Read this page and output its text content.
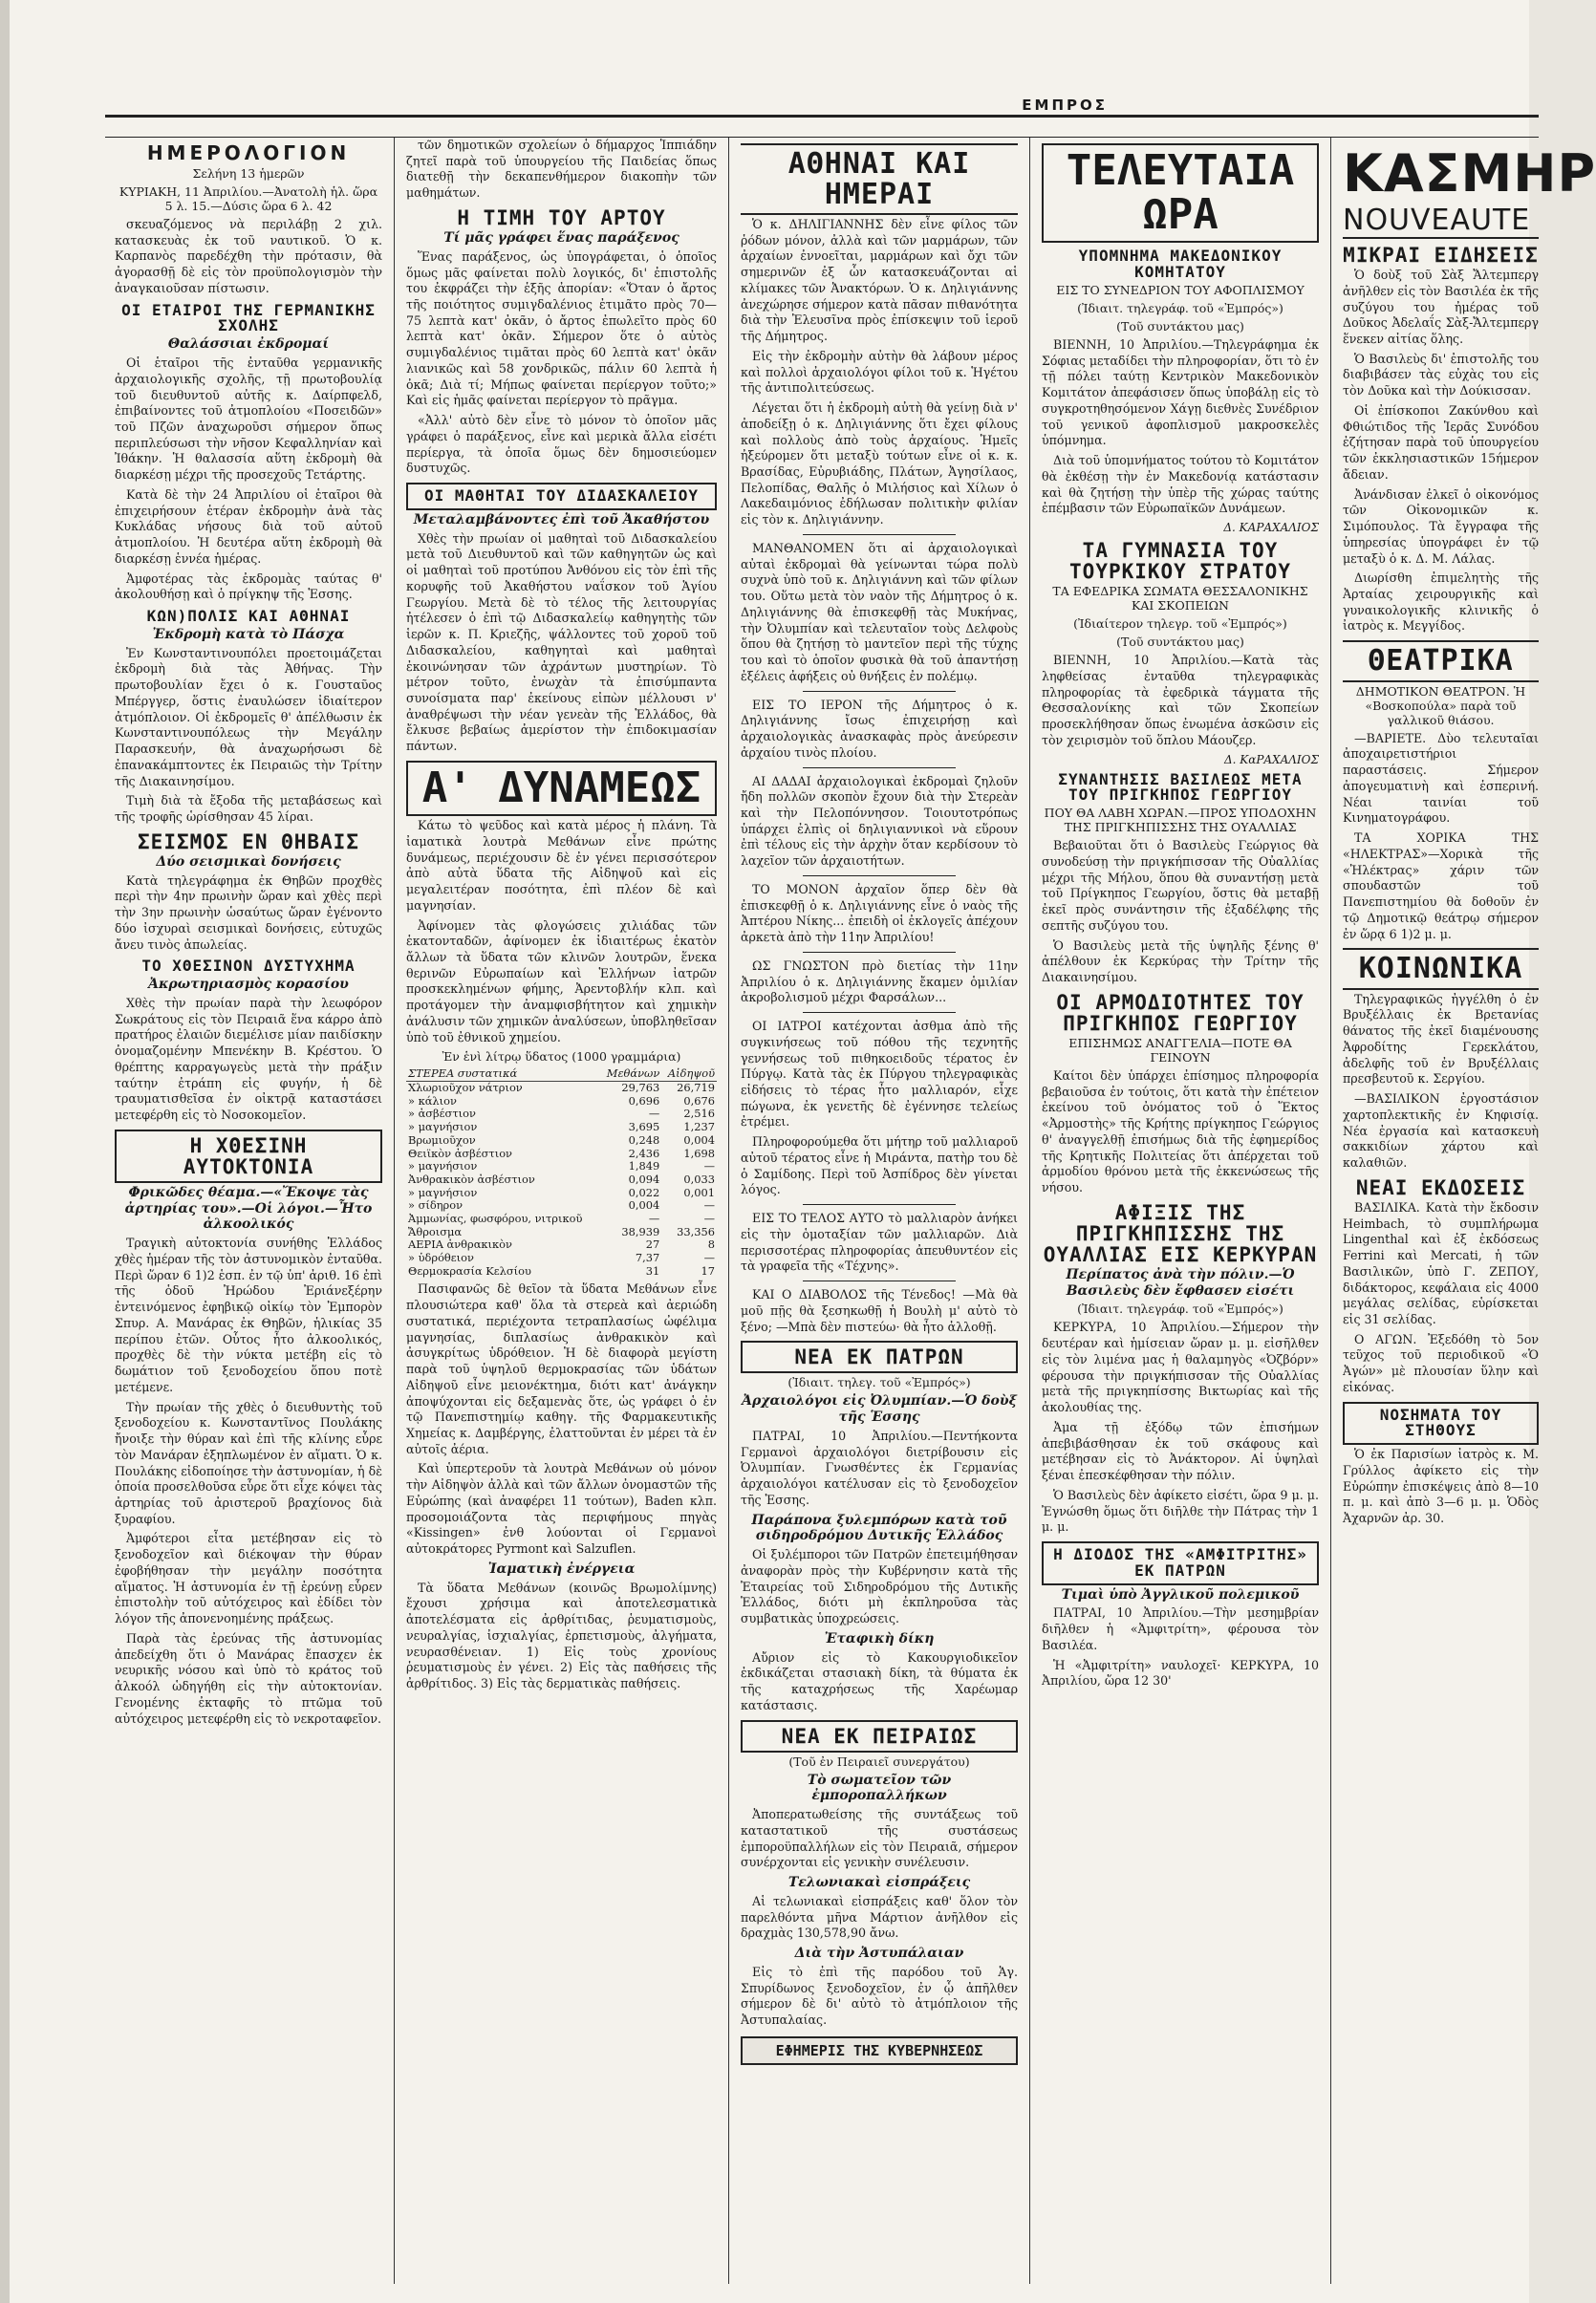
ΕΜΠΡΟΣ
ΗΜΕΡΟΛΟΓΙΟΝ
Σελήνη 13 ἡμερῶν
ΚΥΡΙΑΚΗ, 11 Ἀπριλίου.—Ἀνατολὴ ἡλ. ὥρα 5 λ. 15.—Δύσις ὥρα 6 λ. 42

σκευαζόμενος νὰ περιλάβῃ 2 χιλ. κατασκευὰς ἐκ τοῦ ναυτικοῦ. Ὁ κ. Καρπανὸς παρεδέχθη τὴν πρότασιν, θὰ ἀγορασθῇ δὲ εἰς τὸν προϋπολογισμὸν τὴν ἀναγκαιοῦσαν πίστωσιν.

ΟΙ ΕΤΑΙΡΟΙ ΤΗΣ ΓΕΡΜΑΝΙΚΗΣ ΣΧΟΛΗΣ
Θαλάσσιαι ἐκδρομαί

Οἱ ἑταῖροι τῆς ἐνταῦθα γερμανικῆς ἀρχαιολογικῆς σχολῆς, τῇ πρωτοβουλίᾳ τοῦ διευθυντοῦ αὐτῆς κ. Δαίρπφελδ, ἐπιβαίνοντες τοῦ ἀτμοπλοίου «Ποσειδῶν» τοῦ Πζῶν ἀναχωροῦσι σήμερον ὅπως περιπλεύσωσι τὴν νῆσον Κεφαλληνίαν καὶ Ἰθάκην. Ἡ θαλασσία αὕτη ἐκδρομὴ θὰ διαρκέσῃ μέχρι τῆς προσεχοῦς Τετάρτης.

Κατὰ δὲ τὴν 24 Ἀπριλίου οἱ ἑταῖροι θὰ ἐπιχειρήσουν ἑτέραν ἐκδρομὴν ἀνὰ τὰς Κυκλάδας νήσους διὰ τοῦ αὐτοῦ ἀτμοπλοίου. Ἡ δευτέρα αὕτη ἐκδρομὴ θὰ διαρκέσῃ ἑννέα ἡμέρας.

Ἀμφοτέρας τὰς ἐκδρομὰς ταύτας θ' ἀκολουθήσῃ καὶ ὁ πρίγκηψ τῆς Ἑσσης.

ΚΩΝ)ΠΟΛΙΣ ΚΑΙ ΑΘΗΝΑΙ
Ἐκδρομὴ κατὰ τὸ Πάσχα

Ἐν Κωνσταντινουπόλει προετοιμάζεται ἐκδρομὴ διὰ τὰς Ἀθήνας. Τὴν πρωτοβουλίαν ἔχει ὁ κ. Γουσταῦος Μπέργγερ, ὅστις ἐναυλώσεν ἰδιαίτερον ἀτμόπλοιον. Οἱ ἐκδρομεῖς θ' ἀπέλθωσιν ἐκ Κωνσταντινουπόλεως τὴν Μεγάλην Παρασκευήν, θὰ ἀναχωρήσωσι δὲ ἐπανακάμπτοντες ἐκ Πειραιῶς τὴν Τρίτην τῆς Διακαινησίμου.

Τιμὴ διὰ τὰ ἔξοδα τῆς μεταβάσεως καὶ τῆς τροφῆς ὡρίσθησαν 45 λίραι.

ΣΕΙΣΜΟΣ ΕΝ ΘΗΒΑΙΣ
Δύο σεισμικαὶ δονήσεις

Κατὰ τηλεγράφημα ἐκ Θηβῶν προχθὲς περὶ τὴν 4ην πρωινὴν ὥραν καὶ χθὲς περὶ τὴν 3ην πρωινὴν ὡσαύτως ὥραν ἐγένοντο δύο ἰσχυραὶ σεισμικαὶ δονήσεις, εὐτυχῶς ἄνευ τινὸς ἀπωλείας.

ΤΟ ΧΘΕΣΙΝΟΝ ΔΥΣΤΥΧΗΜΑ
Ἀκρωτηριασμὸς κορασίου

Χθὲς τὴν πρωίαν παρὰ τὴν λεωφόρον Σωκράτους εἰς τὸν Πειραιᾶ ἕνα κάρρο ἀπὸ πρατήρος ἐλαιῶν διεμέλισε μίαν παιδίσκην ὀνομαζομένην Μπενέκην Β. Κρέστου. Ὁ θρέπτης καρραγωγεὺς μετὰ τὴν πράξιν ταύτην ἐτράπη εἰς φυγήν, ἡ δὲ τραυματισθεῖσα ἐν οἰκτρᾷ καταστάσει μετεφέρθη εἰς τὸ Νοσοκομεῖον.

Η ΧΘΕΣΙΝΗ ΑΥΤΟΚΤΟΝΙΑ
Φρικῶδες θέαμα.—«Ἔκοψε τὰς ἀρτηρίας του».—Οἱ λόγοι.—Ἦτο ἀλκοολικός

Τραγικὴ αὐτοκτονία συνήθης Ἑλλάδος χθὲς ἡμέραν τῆς τὸν ἀστυνομικὸν ἐνταῦθα. Περὶ ὥραν 6 1)2 ἑσπ. ἐν τῷ ὑπ' ἀριθ. 16 ἐπὶ τῆς ὁδοῦ Ἠρώδου Ἐριάνεξέρην ἐντεινόμενος ἐφηβικῷ οἰκίῳ τὸν Ἐμπορὸν Σπυρ. Α. Μανάρας ἐκ Θηβῶν, ἡλικίας 35 περίπου ἐτῶν. Οὗτος ἦτο ἀλκοολικός, προχθὲς δὲ τὴν νύκτα μετέβη εἰς τὸ δωμάτιον τοῦ ξενοδοχείου ὅπου ποτὲ μετέμενε.

Τὴν πρωίαν τῆς χθὲς ὁ διευθυντὴς τοῦ ξενοδοχείου κ. Κωνσταντῖνος Πουλάκης ἤνοιξε τὴν θύραν καὶ ἐπὶ τῆς κλίνης εὗρε τὸν Μανάραν ἐξηπλωμένον ἐν αἵματι. Ὁ κ. Πουλάκης εἰδοποίησε τὴν ἀστυνομίαν, ἡ δὲ ὁποία προσελθοῦσα εὗρε ὅτι εἶχε κόψει τὰς ἀρτηρίας τοῦ ἀριστεροῦ βραχίονος διὰ ξυραφίου.

Ἀμφότεροι εἶτα μετέβησαν εἰς τὸ ξενοδοχεῖον καὶ διέκοψαν τὴν θύραν ἐφοβήθησαν τὴν μεγάλην ποσότητα αἵματος. Ἡ ἀστυνομία ἐν τῇ ἐρεύνῃ εὗρεν ἐπιστολὴν τοῦ αὐτόχειρος καὶ ἐδίδει τὸν λόγον τῆς ἀπονενοημένης πράξεως.

Παρὰ τὰς ἐρεύνας τῆς ἀστυνομίας ἀπεδείχθη ὅτι ὁ Μανάρας ἔπασχεν ἐκ νευρικῆς νόσου καὶ ὑπὸ τὸ κράτος τοῦ ἀλκοόλ ὡδηγήθη εἰς τὴν αὐτοκτονίαν. Γενομένης ἐκταφῆς τὸ πτῶμα τοῦ αὐτόχειρος μετεφέρθη εἰς τὸ νεκροταφεῖον.

τῶν δημοτικῶν σχολείων ὁ δήμαρχος Ἱππιάδην ζητεῖ παρὰ τοῦ ὑπουργείου τῆς Παιδείας ὅπως διατεθῇ τὴν δεκαπενθήμερον διακοπὴν τῶν μαθημάτων.

Η ΤΙΜΗ ΤΟΥ ΑΡΤΟΥ
Τί μᾶς γράφει ἕνας παράξενος

Ἕνας παράξενος, ὡς ὑπογράφεται, ὁ ὁποῖος ὅμως μᾶς φαίνεται πολὺ λογικός, δι' ἐπιστολῆς του ἐκφράζει τὴν ἑξῆς ἀπορίαν: «Ὅταν ὁ ἄρτος τῆς ποιότητος συμιγδαλένιος ἐτιμᾶτο πρὸς 70—75 λεπτὰ κατ' ὀκᾶν, ὁ ἄρτος ἐπωλεῖτο πρὸς 60 λεπτὰ κατ' ὀκᾶν. Σήμερον ὅτε ὁ αὐτὸς συμιγδαλένιος τιμᾶται πρὸς 60 λεπτὰ κατ' ὀκᾶν λιανικῶς καὶ 58 χονδρικῶς, πάλιν 60 λεπτὰ ἡ ὀκᾶ; Διὰ τί; Μήπως φαίνεται περίεργον τοῦτο;» Καὶ εἰς ἡμᾶς φαίνεται περίεργον τὸ πρᾶγμα.

«Ἀλλ' αὐτὸ δὲν εἶνε τὸ μόνον τὸ ὁποῖον μᾶς γράφει ὁ παράξενος, εἶνε καὶ μερικὰ ἄλλα εἰσέτι περίεργα, τὰ ὁποῖα ὅμως δὲν δημοσιεύομεν δυστυχῶς.

ΟΙ ΜΑΘΗΤΑΙ ΤΟΥ ΔΙΔΑΣΚΑΛΕΙΟΥ
Μεταλαμβάνοντες ἐπὶ τοῦ Ἀκαθήστου

Χθὲς τὴν πρωίαν οἱ μαθηταὶ τοῦ Διδασκαλείου μετὰ τοῦ Διευθυντοῦ καὶ τῶν καθηγητῶν ὡς καὶ οἱ μαθηταὶ τοῦ προτύπου Ἀνθόνου εἰς τὸν ἐπὶ τῆς κορυφῆς τοῦ Ἀκαθήστου ναΐσκον τοῦ Ἁγίου Γεωργίου. Μετὰ δὲ τὸ τέλος τῆς λειτουργίας ἠτέλεσεν ὁ ἐπὶ τῷ Διδασκαλείῳ καθηγητὴς τῶν ἱερῶν κ. Π. Κριεζῆς, ψάλλοντες τοῦ χοροῦ τοῦ Διδασκαλείου, καθηγηταὶ καὶ μαθηταὶ ἐκοινώνησαν τῶν ἀχράντων μυστηρίων. Τὸ μέτρον τοῦτο, ἐνωχὰν τὰ ἐπισύμπαντα συνοίσματα παρ' ἐκείνους εἰπὼν μέλλουσι ν' ἀναθρέψωσι τὴν νέαν γενεὰν τῆς Ἑλλάδος, θὰ ἔλκυσε βεβαίως ἀμερίστον τὴν ἐπιδοκιμασίαν πάντων.

Α' ΔΥΝΑΜΕΩΣ

Κάτω τὸ ψεῦδος καὶ κατὰ μέρος ἡ πλάνη. Τὰ ἰαματικὰ λουτρὰ Μεθάνων εἶνε πρώτης δυνάμεως, περιέχουσιν δὲ ἐν γένει περισσότερον ἀπὸ αὐτὰ ὕδατα τῆς Αἰδηψοῦ καὶ εἰς μεγαλειτέραν ποσότητα, ἐπὶ πλέον δὲ καὶ μαγνησίαν.

Ἀφίνομεν τὰς φλογώσεις χιλιάδας τῶν ἑκατονταδῶν, ἀφίνομεν ἐκ ἰδιαιτέρως ἑκατὸν ἄλλων τὰ ὕδατα τῶν κλινῶν λουτρῶν, ἕνεκα θερινῶν Εὐρωπαίων καὶ Ἑλλήνων ἰατρῶν προσκεκλημένων φήμης, Ἀρεντοβλήν κλπ. καὶ προτάγομεν τὴν ἀναμφισβήτητον καὶ χημικὴν ἀνάλυσιν τῶν χημικῶν ἀναλύσεων, ὑποβληθεῖσαν ὑπὸ τοῦ ἐθνικοῦ χημείου.

Ἐν ἑνὶ λίτρῳ ὕδατος (1000 γραμμάρια)
ΣΤΕΡΕΑ συστατικά	Μεθάνων	Αἰδηψοῦ
Χλωριοῦχον νάτριον	29,763	26,719
» κάλιον	0,696	0,676
» ἀσβέστιον	—	2,516
» μαγνήσιον	3,695	1,237
Βρωμιοῦχον	0,248	0,004
Θειϊκὸν ἀσβέστιον	2,436	1,698
» μαγνήσιον	1,849	—
Ἀνθρακικὸν ἀσβέστιον	0,094	0,033
» μαγνήσιον	0,022	0,001
» σίδηρον	0,004	—
Ἀμμωνίας, φωσφόρου, νιτρικοῦ	—	—
Ἄθροισμα	38,939	33,356
ΑΕΡΙΑ ἀνθρακικὸν	27	8
» ὑδρόθειον	7,37	—
Θερμοκρασία Κελσίου	31	17

Πασιφανῶς δὲ θεῖον τὰ ὕδατα Μεθάνων εἶνε πλουσιώτερα καθ' ὅλα τὰ στερεὰ καὶ ἀεριώδη συστατικά, περιέχοντα τετραπλασίως ὠφέλιμα μαγνησίας, διπλασίως ἀνθρακικὸν καὶ ἀσυγκρίτως ὑδρόθειον. Ἡ δὲ διαφορὰ μεγίστη παρὰ τοῦ ὑψηλοῦ θερμοκρασίας τῶν ὑδάτων Αἰδηψοῦ εἶνε μειονέκτημα, διότι κατ' ἀνάγκην ἀποψύχονται εἰς δεξαμενὰς ὅτε, ὡς γράφει ὁ ἐν τῷ Πανεπιστημίῳ καθηγ. τῆς Φαρμακευτικῆς Χημείας κ. Δαμβέργης, ἐλαττοῦνται ἐν μέρει τὰ ἐν αὐτοῖς ἀέρια.

Καὶ ὑπερτεροῦν τὰ λουτρὰ Μεθάνων οὐ μόνον τὴν Αἰδηψὸν ἀλλὰ καὶ τῶν ἄλλων ὀνομαστῶν τῆς Εὐρώπης (καὶ ἀναφέρει 11 τούτων), Baden κλπ. προσομοιάζοντα τὰς περιφήμους πηγὰς «Kissingen» ἐνθ λούονται οἱ Γερμανοὶ αὐτοκράτορες Pyrmont καὶ Salzuflen.

Ἰαματικὴ ἐνέργεια

Τὰ ὕδατα Μεθάνων (κοινῶς Βρωμολίμνης) ἔχουσι χρήσιμα καὶ ἀποτελεσματικὰ ἀποτελέσματα εἰς ἀρθρίτιδας, ῥευματισμοὺς, νευραλγίας, ἰσχιαλγίας, ἐρπετισμοὺς, ἀλγήματα, νευρασθένειαν. 1) Εἰς τοὺς χρονίους ῥευματισμοὺς ἐν γένει. 2) Εἰς τὰς παθήσεις τῆς ἀρθρίτιδος. 3) Εἰς τὰς δερματικὰς παθήσεις.

ΑΘΗΝΑΙ ΚΑΙ ΗΜΕΡΑΙ

Ὁ κ. ΔΗΛΙΓΙΑΝΝΗΣ δὲν εἶνε φίλος τῶν ῥόδων μόνον, ἀλλὰ καὶ τῶν μαρμάρων, τῶν ἀρχαίων ἐννοεῖται, μαρμάρων καὶ ὄχι τῶν σημερινῶν ἐξ ὧν κατασκευάζονται αἱ κλίμακες τῶν Ἀνακτόρων. Ὁ κ. Δηλιγιάννης ἀνεχώρησε σήμερον κατὰ πᾶσαν πιθανότητα διὰ τὴν Ἐλευσῖνα πρὸς ἐπίσκεψιν τοῦ ἱεροῦ τῆς Δήμητρος.

Εἰς τὴν ἐκδρομὴν αὐτὴν θὰ λάβουν μέρος καὶ πολλοὶ ἀρχαιολόγοι φίλοι τοῦ κ. Ἡγέτου τῆς ἀντιπολιτεύσεως.

Λέγεται ὅτι ἡ ἐκδρομὴ αὐτὴ θὰ γείνῃ διὰ ν' ἀποδείξῃ ὁ κ. Δηλιγιάννης ὅτι ἔχει φίλους καὶ πολλοὺς ἀπὸ τοὺς ἀρχαίους. Ἡμεῖς ἠξεύρομεν ὅτι μεταξὺ τούτων εἶνε οἱ κ. κ. Βρασίδας, Εὐρυβιάδης, Πλάτων, Ἀγησίλαος, Πελοπίδας, Θαλῆς ὁ Μιλήσιος καὶ Χίλων ὁ Λακεδαιμόνιος ἐδήλωσαν πολιτικὴν φιλίαν εἰς τὸν κ. Δηλιγιάννην.

ΜΑΝΘΑΝΟΜΕΝ ὅτι αἱ ἀρχαιολογικαὶ αὐταὶ ἐκδρομαὶ θὰ γείνωνται τώρα πολὺ συχνὰ ὑπὸ τοῦ κ. Δηλιγιάννη καὶ τῶν φίλων του. Οὕτω μετὰ τὸν ναὸν τῆς Δήμητρος ὁ κ. Δηλιγιάννης θὰ ἐπισκεφθῇ τὰς Μυκήνας, τὴν Ὀλυμπίαν καὶ τελευταῖον τοὺς Δελφοὺς ὅπου θὰ ζητήσῃ τὸ μαντεῖον περὶ τῆς τύχης του καὶ τὸ ὁποῖον φυσικὰ θὰ τοῦ ἀπαντήσῃ ἐξέλεις ἀφήξεις οὐ θνήξεις ἐν πολέμῳ.

ΕΙΣ ΤΟ ΙΕΡΟΝ τῆς Δήμητρος ὁ κ. Δηλιγιάννης ἴσως ἐπιχειρήσῃ καὶ ἀρχαιολογικὰς ἀνασκαφὰς πρὸς ἀνεύρεσιν ἀρχαίου τινὸς πλοίου.

ΑΙ ΔΑΔΑΙ ἀρχαιολογικαὶ ἐκδρομαὶ ζηλοῦν ἤδη πολλῶν σκοπὸν ἔχουν διὰ τὴν Στερεὰν καὶ τὴν Πελοπόννησον. Τοιουτοτρόπως ὑπάρχει ἐλπὶς οἱ δηλιγιαννικοὶ νὰ εὕρουν ἐπὶ τέλους εἰς τὴν ἀρχὴν ὅταν κερδίσουν τὸ λαχεῖον τῶν ἀρχαιοτήτων.

ΤΟ ΜΟΝΟΝ ἀρχαῖον ὅπερ δὲν θὰ ἐπισκεφθῇ ὁ κ. Δηλιγιάννης εἶνε ὁ ναὸς τῆς Ἀπτέρου Νίκης... ἐπειδὴ οἱ ἐκλογεῖς ἀπέχουν ἀρκετὰ ἀπὸ τὴν 11ην Ἀπριλίου!

ΩΣ ΓΝΩΣΤΟΝ πρὸ διετίας τὴν 11ην Ἀπριλίου ὁ κ. Δηλιγιάννης ἔκαμεν ὁμιλίαν ἀκροβολισμοῦ μέχρι Φαρσάλων...

ΟΙ ΙΑΤΡΟΙ κατέχονται ἀσθμα ἀπὸ τῆς συγκινήσεως τοῦ πόθου τῆς τεχνητῆς γεννήσεως τοῦ πιθηκοειδοῦς τέρατος ἐν Πύργῳ. Κατὰ τὰς ἐκ Πύργου τηλεγραφικὰς εἰδήσεις τὸ τέρας ἦτο μαλλιαρόν, εἶχε πώγωνα, ἐκ γενετῆς δὲ ἐγέννησε τελείως ἐτρέμει.

Πληροφορούμεθα ὅτι μήτηρ τοῦ μαλλιαροῦ αὐτοῦ τέρατος εἶνε ἡ Μιράντα, πατὴρ του δὲ ὁ Σαμίδοης. Περὶ τοῦ Ἀσπίδρος δὲν γίνεται λόγος.

ΕΙΣ ΤΟ ΤΕΛΟΣ ΑΥΤΟ τὸ μαλλιαρὸν ἀνήκει εἰς τὴν ὁμοταξίαν τῶν μαλλιαρῶν. Διὰ περισσοτέρας πληροφορίας ἀπευθυντέον εἰς τὰ γραφεῖα τῆς «Τέχνης».

ΚΑΙ Ο ΔΙΑΒΟΛΟΣ τῆς Τένεδος! —Μὰ θὰ μοῦ πῇς θὰ ξεσηκωθῇ ἡ Βουλὴ μ' αὐτὸ τὸ ξένο; —Μπὰ δὲν πιστεύω· θὰ ἦτο ἀλλοθῇ.

ΝΕΑ ΕΚ ΠΑΤΡΩΝ
(Ἰδιαιτ. τηλεγ. τοῦ «Ἐμπρός»)
Ἀρχαιολόγοι εἰς Ὀλυμπίαν.—Ὁ δοὺξ τῆς Ἑσσης

ΠΑΤΡΑΙ, 10 Ἀπριλίου.—Πεντήκοντα Γερμανοὶ ἀρχαιολόγοι διετρίβουσιν εἰς Ὀλυμπίαν. Γνωσθέντες ἐκ Γερμανίας ἀρχαιολόγοι κατέλυσαν εἰς τὸ ξενοδοχεῖον τῆς Ἑσσης.

Παράπονα ξυλεμπόρων κατὰ τοῦ σιδηροδρόμου Δυτικῆς Ἑλλάδος

Οἱ ξυλέμποροι τῶν Πατρῶν ἐπετειμήθησαν ἀναφορὰν πρὸς τὴν Κυβέρνησιν κατὰ τῆς Ἐταιρείας τοῦ Σιδηροδρόμου τῆς Δυτικῆς Ἑλλάδος, διότι μὴ ἐκπληροῦσα τὰς συμβατικὰς ὑποχρεώσεις.

Ἐταφικὴ δίκη

Αὔριον εἰς τὸ Κακουργιοδικεῖον ἐκδικάζεται στασιακὴ δίκη, τὰ θύματα ἐκ τῆς καταχρήσεως τῆς Χαρέωμαρ κατάστασις.

ΝΕΑ ΕΚ ΠΕΙΡΑΙΩΣ
(Τοῦ ἐν Πειραιεῖ συνεργάτου)
Τὸ σωματεῖον τῶν ἐμποροπαλλήκων

Ἀποπερατωθείσης τῆς συντάξεως τοῦ καταστατικοῦ τῆς συστάσεως ἐμποροϋπαλλήλων εἰς τὸν Πειραιᾶ, σήμερον συνέρχονται εἰς γενικὴν συνέλευσιν.

Τελωνιακαὶ εἰσπράξεις

Αἱ τελωνιακαὶ εἰσπράξεις καθ' ὅλον τὸν παρελθόντα μῆνα Μάρτιον ἀνῆλθον εἰς δραχμὰς 130,578,90 ἄνω.

Διὰ τὴν Ἀστυπάλαιαν

Εἰς τὸ ἐπὶ τῆς παρόδου τοῦ Ἁγ. Σπυρίδωνος ξενοδοχεῖον, ἐν ᾧ ἀπῆλθεν σήμερον δὲ δι' αὐτὸ τὸ ἀτμόπλοιον τῆς Ἀστυπαλαίας.

ΕΦΗΜΕΡΙΣ ΤΗΣ ΚΥΒΕΡΝΗΣΕΩΣ
ΤΕΛΕΥΤΑΙΑ ΩΡΑ
ΥΠΟΜΝΗΜΑ ΜΑΚΕΔΟΝΙΚΟΥ ΚΟΜΗΤΑΤΟΥ
ΕΙΣ ΤΟ ΣΥΝΕΔΡΙΟΝ ΤΟΥ ΑΦΟΠΛΙΣΜΟΥ
(Ἰδιαιτ. τηλεγράφ. τοῦ «Ἐμπρός»)
(Τοῦ συντάκτου μας)

ΒΙΕΝΝΗ, 10 Ἀπριλίου.—Τηλεγράφημα ἐκ Σόφιας μεταδίδει τὴν πληροφορίαν, ὅτι τὸ ἐν τῇ πόλει ταύτῃ Κεντρικὸν Μακεδονικὸν Κομιτάτον ἀπεφάσισεν ὅπως ὑποβάλῃ εἰς τὸ συγκροτηθησόμενον Χάγῃ διεθνὲς Συνέδριον τοῦ γενικοῦ ἀφοπλισμοῦ μακροσκελὲς ὑπόμνημα.

Διὰ τοῦ ὑπομνήματος τούτου τὸ Κομιτάτον θὰ ἐκθέσῃ τὴν ἐν Μακεδονίᾳ κατάστασιν καὶ θὰ ζητήσῃ τὴν ὑπὲρ τῆς χώρας ταύτης ἐπέμβασιν τῶν Εὐρωπαϊκῶν Δυνάμεων.

Δ. ΚΑΡΑΧΑΛΙΟΣ
ΤΑ ΓΥΜΝΑΣΙΑ ΤΟΥ ΤΟΥΡΚΙΚΟΥ ΣΤΡΑΤΟΥ
ΤΑ ΕΦΕΔΡΙΚΑ ΣΩΜΑΤΑ ΘΕΣΣΑΛΟΝΙΚΗΣ ΚΑΙ ΣΚΟΠΕΙΩΝ
(Ἰδιαίτερον τηλεγρ. τοῦ «Ἐμπρός»)
(Τοῦ συντάκτου μας)

ΒΙΕΝΝΗ, 10 Ἀπριλίου.—Κατὰ τὰς ληφθείσας ἐνταῦθα τηλεγραφικὰς πληροφορίας τὰ ἐφεδρικὰ τάγματα τῆς Θεσσαλονίκης καὶ τῶν Σκοπείων προσεκλήθησαν ὅπως ἐνωμένα ἀσκῶσιν εἰς τὸν χειρισμὸν τοῦ ὅπλου Μάουζερ.

Δ. ΚαΡΑΧΑΛΙΟΣ
ΣΥΝΑΝΤΗΣΙΣ ΒΑΣΙΛΕΩΣ ΜΕΤΑ ΤΟΥ ΠΡΙΓΚΗΠΟΣ ΓΕΩΡΓΙΟΥ
ΠΟΥ ΘΑ ΛΑΒΗ ΧΩΡΑΝ.—ΠΡΟΣ ΥΠΟΔΟΧΗΝ ΤΗΣ ΠΡΙΓΚΗΠΙΣΣΗΣ ΤΗΣ ΟΥΑΛΛΙΑΣ

Βεβαιοῦται ὅτι ὁ Βασιλεὺς Γεώργιος θὰ συνοδεύσῃ τὴν πριγκήπισσαν τῆς Οὐαλλίας μέχρι τῆς Μήλου, ὅπου θὰ συναντήσῃ μετὰ τοῦ Πρίγκηπος Γεωργίου, ὅστις θὰ μεταβῇ ἐκεῖ πρὸς συνάντησιν τῆς ἐξαδέλφης τῆς σεπτῆς συζύγου του.

Ὁ Βασιλεὺς μετὰ τῆς ὑψηλῆς ξένης θ' ἀπέλθουν ἐκ Κερκύρας τὴν Τρίτην τῆς Διακαινησίμου.

ΟΙ ΑΡΜΟΔΙΟΤΗΤΕΣ ΤΟΥ ΠΡΙΓΚΗΠΟΣ ΓΕΩΡΓΙΟΥ
ΕΠΙΣΗΜΩΣ ΑΝΑΓΓΕΛΙΑ—ΠΟΤΕ ΘΑ ΓΕΙΝΟΥΝ

Καίτοι δὲν ὑπάρχει ἐπίσημος πληροφορία βεβαιοῦσα ἐν τούτοις, ὅτι κατὰ τὴν ἐπέτειον ἐκείνου τοῦ ὀνόματος τοῦ ὁ Ἕκτος «Ἀρμοστὴς» τῆς Κρήτης πρίγκηπος Γεώργιος θ' ἀναγγελθῇ ἐπισήμως διὰ τῆς ἐφημερίδος τῆς Κρητικῆς Πολιτείας ὅτι ἀπέρχεται τοῦ ἀρμοδίου θρόνου μετὰ τῆς ἐκκενώσεως τῆς νήσου.

ΑΦΙΞΙΣ ΤΗΣ ΠΡΙΓΚΗΠΙΣΣΗΣ ΤΗΣ ΟΥΑΛΛΙΑΣ ΕΙΣ ΚΕΡΚΥΡΑΝ
Περίπατος ἀνὰ τὴν πόλιν.—Ὁ Βασιλεὺς δὲν ἔφθασεν εἰσέτι
(Ἰδιαιτ. τηλεγράφ. τοῦ «Ἐμπρός»)

ΚΕΡΚΥΡΑ, 10 Ἀπριλίου.—Σήμερον τὴν δευτέραν καὶ ἡμίσειαν ὥραν μ. μ. εἰσῆλθεν εἰς τὸν λιμένα μας ἡ θαλαμηγὸς «Ὀζβόρν» φέρουσα τὴν πριγκήπισσαν τῆς Οὐαλλίας μετὰ τῆς πριγκηπίσσης Βικτωρίας καὶ τῆς ἀκολουθίας της.

Ἀμα τῇ ἐξόδῳ τῶν ἐπισήμων ἀπεβιβάσθησαν ἐκ τοῦ σκάφους καὶ μετέβησαν εἰς τὸ Ἀνάκτορον. Αἱ ὑψηλαὶ ξέναι ἐπεσκέφθησαν τὴν πόλιν.

Ὁ Βασιλεὺς δὲν ἀφίκετο εἰσέτι, ὥρα 9 μ. μ. Ἐγνώσθη ὅμως ὅτι διῆλθε τὴν Πάτρας τὴν 1 μ. μ.

Η ΔΙΟΔΟΣ ΤΗΣ «ΑΜΦΙΤΡΙΤΗΣ» ΕΚ ΠΑΤΡΩΝ
Τιμαὶ ὑπὸ Ἀγγλικοῦ πολεμικοῦ

ΠΑΤΡΑΙ, 10 Ἀπριλίου.—Τὴν μεσημβρίαν διῆλθεν ἡ «Ἀμφιτρίτη», φέρουσα τὸν Βασιλέα.

Ἡ «Ἀμφιτρίτη» ναυλοχεῖ· ΚΕΡΚΥΡΑ, 10 Ἀπριλίου, ὥρα 12 30'

ΚΑΣΜΗΡ
NOUVEAUTE
ΜΙΚΡΑΙ ΕΙΔΗΣΕΙΣ

Ὁ δοὺξ τοῦ Σὰξ Ἄλτεμπεργ ἀνῆλθεν εἰς τὸν Βασιλέα ἐκ τῆς συζύγου του ἠμέρας τοῦ Δοῦκος Ἀδελαΐς Σὰξ-Ἄλτεμπεργ ἕνεκεν αἰτίας ὅλης.

Ὁ Βασιλεὺς δι' ἐπιστολῆς του διαβιβάσεν τὰς εὐχὰς του εἰς τὸν Δοῦκα καὶ τὴν Δούκισσαν.

Οἱ ἐπίσκοποι Ζακύνθου καὶ Φθιώτιδος τῆς Ἱερᾶς Συνόδου ἐζήτησαν παρὰ τοῦ ὑπουργείου τῶν ἐκκλησιαστικῶν 15ήμερον ἄδειαν.

Ἀνάνδισαν ἐλκεῖ ὁ οἰκονόμος τῶν Οἰκονομικῶν κ. Σιμόπουλος. Τὰ ἔγγραφα τῆς ὑπηρεσίας ὑπογράφει ἐν τῷ μεταξὺ ὁ κ. Δ. Μ. Λάλας.

Διωρίσθη ἐπιμελητὴς τῆς Ἀρταίας χειρουργικῆς καὶ γυναικολογικῆς κλινικῆς ὁ ἰατρὸς κ. Μεγγίδος.

ΘΕΑΤΡΙΚΑ
ΔΗΜΟΤΙΚΟΝ ΘΕΑΤΡΟΝ. Ἡ «Βοσκοπούλα» παρὰ τοῦ γαλλικοῦ θιάσου.

—ΒΑΡΙΕΤΕ. Δὺο τελευταῖαι ἀποχαιρετιστήριοι παραστάσεις. Σήμερον ἀπογευματινὴ καὶ ἑσπερινή. Νέαι ταινίαι τοῦ Κινηματογράφου.

ΤΑ ΧΟΡΙΚΑ ΤΗΣ «ΗΛΕΚΤΡΑΣ»—Χορικὰ τῆς «Ἠλέκτρας» χάριν τῶν σπουδαστῶν τοῦ Πανεπιστημίου θὰ δοθοῦν ἐν τῷ Δημοτικῷ θεάτρῳ σήμερον ἐν ὥρᾳ 6 1)2 μ. μ.

ΚΟΙΝΩΝΙΚΑ

Τηλεγραφικῶς ἠγγέλθη ὁ ἐν Βρυξέλλαις ἐκ Βρετανίας θάνατος τῆς ἐκεῖ διαμένουσης Ἀφροδίτης Γερεκλάτου, ἀδελφῆς τοῦ ἐν Βρυξέλλαις πρεσβευτοῦ κ. Σεργίου.

—ΒΑΣΙΛΙΚΟΝ ἐργοστάσιον χαρτοπλεκτικῆς ἐν Κηφισίᾳ. Νέα ἐργασία καὶ κατασκευὴ σακκιδίων χάρτου καὶ καλαθιῶν.

ΝΕΑΙ ΕΚΔΟΣΕΙΣ

ΒΑΣΙΛΙΚΑ. Κατὰ τὴν ἔκδοσιν Heimbach, τὸ συμπλήρωμα Lingenthal καὶ ἐξ ἐκδόσεως Ferrini καὶ Mercati, ἡ τῶν Βασιλικῶν, ὑπὸ Γ. ΖΕΠΟΥ, διδάκτορος, κεφάλαια εἰς 4000 μεγάλας σελίδας, εὑρίσκεται εἰς 31 σελίδας.

Ο ΑΓΩΝ. Ἐξεδόθη τὸ 5ον τεῦχος τοῦ περιοδικοῦ «Ὁ Ἀγών» μὲ πλουσίαν ὕλην καὶ εἰκόνας.

ΝΟΣΗΜΑΤΑ ΤΟΥ ΣΤΗΘΟΥΣ

Ὁ ἐκ Παρισίων ἰατρὸς κ. Μ. Γρύλλος ἀφίκετο εἰς τὴν Εὐρώπην ἐπισκέψεις ἀπὸ 8—10 π. μ. καὶ ἀπὸ 3—6 μ. μ. Ὁδὸς Ἀχαρνῶν ἀρ. 30.
